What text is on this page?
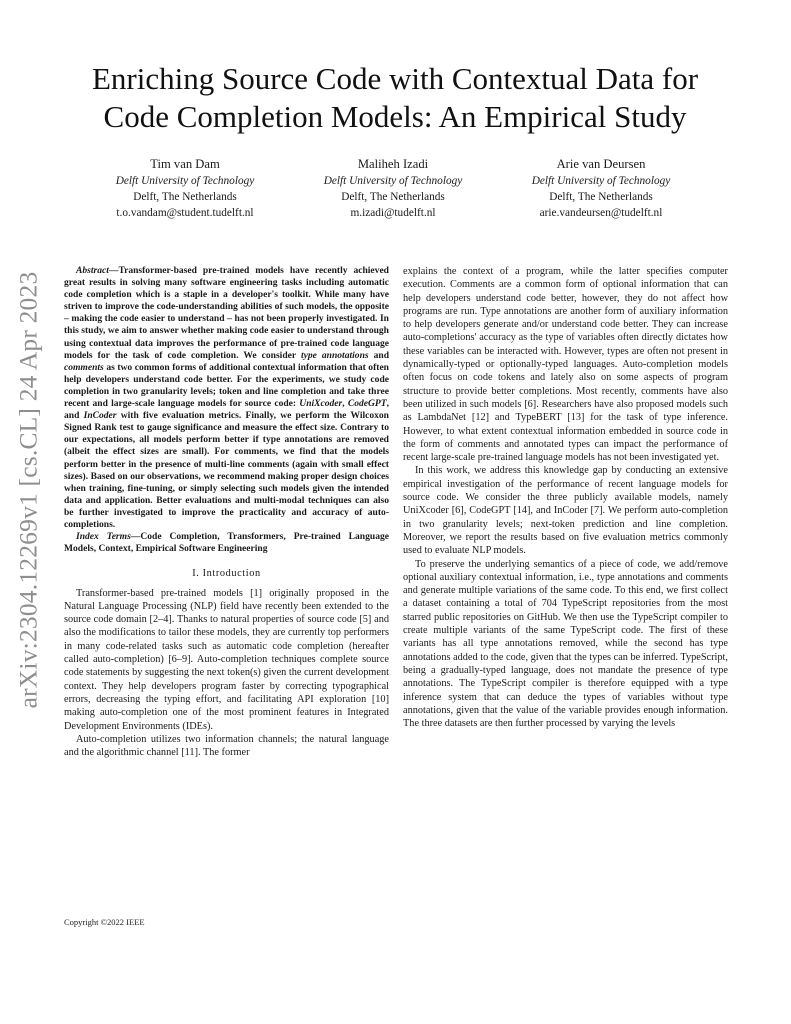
arXiv:2304.12269v1 [cs.CL] 24 Apr 2023
Enriching Source Code with Contextual Data for
Code Completion Models: An Empirical Study
Tim van Dam
Delft University of Technology
Delft, The Netherlands
t.o.vandam@student.tudelft.nl
Maliheh Izadi
Delft University of Technology
Delft, The Netherlands
m.izadi@tudelft.nl
Arie van Deursen
Delft University of Technology
Delft, The Netherlands
arie.vandeursen@tudelft.nl

Abstract—Transformer-based pre-trained models have recently achieved great results in solving many software engineering tasks including automatic code completion which is a staple in a developer's toolkit. While many have striven to improve the code-understanding abilities of such models, the opposite – making the code easier to understand – has not been properly investigated. In this study, we aim to answer whether making code easier to understand through using contextual data improves the performance of pre-trained code language models for the task of code completion. We consider type annotations and comments as two common forms of additional contextual information that often help developers understand code better. For the experiments, we study code completion in two granularity levels; token and line completion and take three recent and large-scale language models for source code: UniXcoder, CodeGPT, and InCoder with five evaluation metrics. Finally, we perform the Wilcoxon Signed Rank test to gauge significance and measure the effect size. Contrary to our expectations, all models perform better if type annotations are removed (albeit the effect sizes are small). For comments, we find that the models perform better in the presence of multi-line comments (again with small effect sizes). Based on our observations, we recommend making proper design choices when training, fine-tuning, or simply selecting such models given the intended data and application. Better evaluations and multi-modal techniques can also be further investigated to improve the practicality and accuracy of auto-completions.

Index Terms—Code Completion, Transformers, Pre-trained Language Models, Context, Empirical Software Engineering

I. Introduction

Transformer-based pre-trained models [1] originally proposed in the Natural Language Processing (NLP) field have recently been extended to the source code domain [2–4]. Thanks to natural properties of source code [5] and also the modifications to tailor these models, they are currently top performers in many code-related tasks such as automatic code completion (hereafter called auto-completion) [6–9]. Auto-completion techniques complete source code statements by suggesting the next token(s) given the current development context. They help developers program faster by correcting typographical errors, decreasing the typing effort, and facilitating API exploration [10] making auto-completion one of the most prominent features in Integrated Development Environments (IDEs).

Auto-completion utilizes two information channels; the natural language and the algorithmic channel [11]. The former

Copyright ©2022 IEEE

explains the context of a program, while the latter specifies computer execution. Comments are a common form of optional information that can help developers understand code better, however, they do not affect how programs are run. Type annotations are another form of auxiliary information to help developers generate and/or understand code better. They can increase auto-completions' accuracy as the type of variables often directly dictates how these variables can be interacted with. However, types are often not present in dynamically-typed or optionally-typed languages. Auto-completion models often focus on code tokens and lately also on some aspects of program structure to provide better completions. Most recently, comments have also been utilized in such models [6]. Researchers have also proposed models such as LambdaNet [12] and TypeBERT [13] for the task of type inference. However, to what extent contextual information embedded in source code in the form of comments and annotated types can impact the performance of recent large-scale pre-trained language models has not been investigated yet.

In this work, we address this knowledge gap by conducting an extensive empirical investigation of the performance of recent language models for source code. We consider the three publicly available models, namely UniXcoder [6], CodeGPT [14], and InCoder [7]. We perform auto-completion in two granularity levels; next-token prediction and line completion. Moreover, we report the results based on five evaluation metrics commonly used to evaluate NLP models.

To preserve the underlying semantics of a piece of code, we add/remove optional auxiliary contextual information, i.e., type annotations and comments and generate multiple variations of the same code. To this end, we first collect a dataset containing a total of 704 TypeScript repositories from the most starred public repositories on GitHub. We then use the TypeScript compiler to create multiple variants of the same TypeScript code. The first of these variants has all type annotations removed, while the second has type annotations added to the code, given that the types can be inferred. TypeScript, being a gradually-typed language, does not mandate the presence of type annotations. The TypeScript compiler is therefore equipped with a type inference system that can deduce the types of variables without type annotations, given that the value of the variable provides enough information. The three datasets are then further processed by varying the levels
